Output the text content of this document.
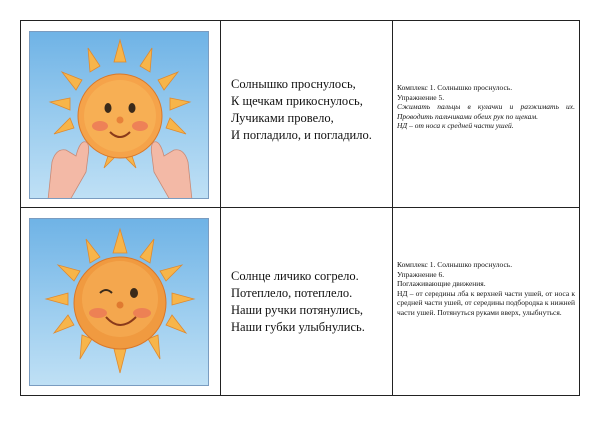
Солнышко проснулось,
К щечкам прикоснулось,
Лучиками провело,
И погладило, и погладило.
Комплекс 1. Солнышко проснулось.
Упражнение 5.
Сжимать пальцы в кулачки и разжимать их. Проводить пальчиками обеих рук по щекам.
НД – от носа к средней части ушей.
Солнце личико согрело.
Потеплело, потеплело.
Наши ручки потянулись,
Наши губки улыбнулись.
Комплекс 1. Солнышко проснулось.
Упражнение 6.
Поглаживающие движения.
НД – от середины лба к верхней части ушей, от носа к средней части ушей, от середины подбородка к нижней части ушей. Потянуться руками вверх, улыбнуться.
